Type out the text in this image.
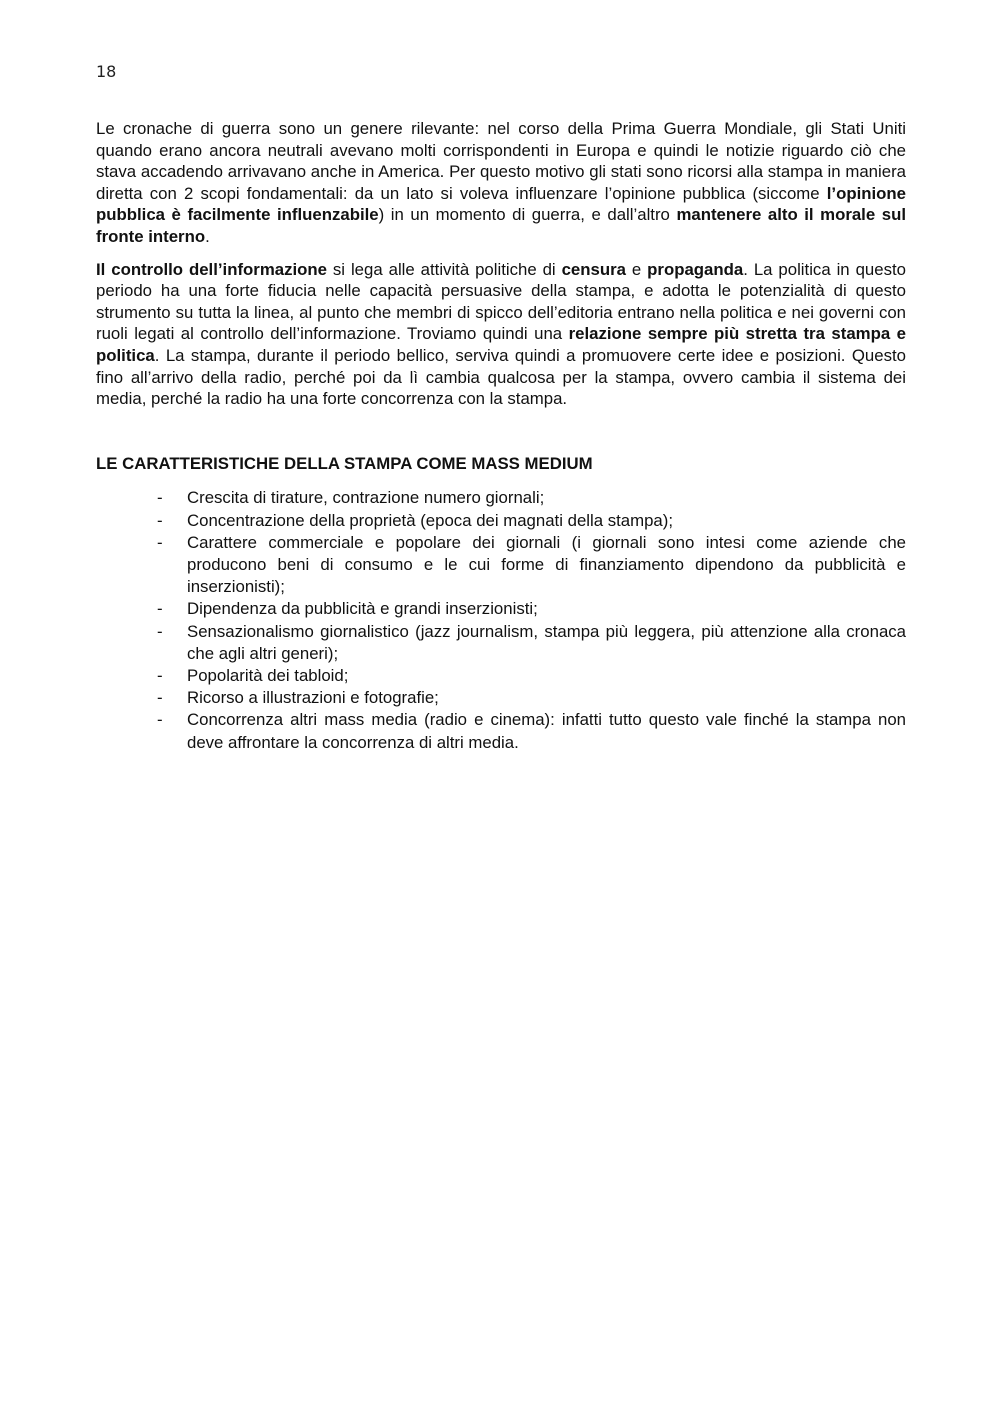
18

Le cronache di guerra sono un genere rilevante: nel corso della Prima Guerra Mondiale, gli Stati Uniti quando erano ancora neutrali avevano molti corrispondenti in Europa e quindi le notizie riguardo ciò che stava accadendo arrivavano anche in America. Per questo motivo gli stati sono ricorsi alla stampa in maniera diretta con 2 scopi fondamentali: da un lato si voleva influenzare l’opinione pubblica (siccome l’opinione pubblica è facilmente influenzabile) in un momento di guerra, e dall’altro mantenere alto il morale sul fronte interno.

Il controllo dell’informazione si lega alle attività politiche di censura e propaganda. La politica in questo periodo ha una forte fiducia nelle capacità persuasive della stampa, e adotta le potenzialità di questo strumento su tutta la linea, al punto che membri di spicco dell’editoria entrano nella politica e nei governi con ruoli legati al controllo dell’informazione. Troviamo quindi una relazione sempre più stretta tra stampa e politica. La stampa, durante il periodo bellico, serviva quindi a promuovere certe idee e posizioni. Questo fino all’arrivo della radio, perché poi da lì cambia qualcosa per la stampa, ovvero cambia il sistema dei media, perché la radio ha una forte concorrenza con la stampa.

LE CARATTERISTICHE DELLA STAMPA COME MASS MEDIUM
- Crescita di tirature, contrazione numero giornali;
- Concentrazione della proprietà (epoca dei magnati della stampa);
- Carattere commerciale e popolare dei giornali (i giornali sono intesi come aziende che producono beni di consumo e le cui forme di finanziamento dipendono da pubblicità e inserzionisti);
- Dipendenza da pubblicità e grandi inserzionisti;
- Sensazionalismo giornalistico (jazz journalism, stampa più leggera, più attenzione alla cronaca che agli altri generi);
- Popolarità dei tabloid;
- Ricorso a illustrazioni e fotografie;
- Concorrenza altri mass media (radio e cinema): infatti tutto questo vale finché la stampa non deve affrontare la concorrenza di altri media.
